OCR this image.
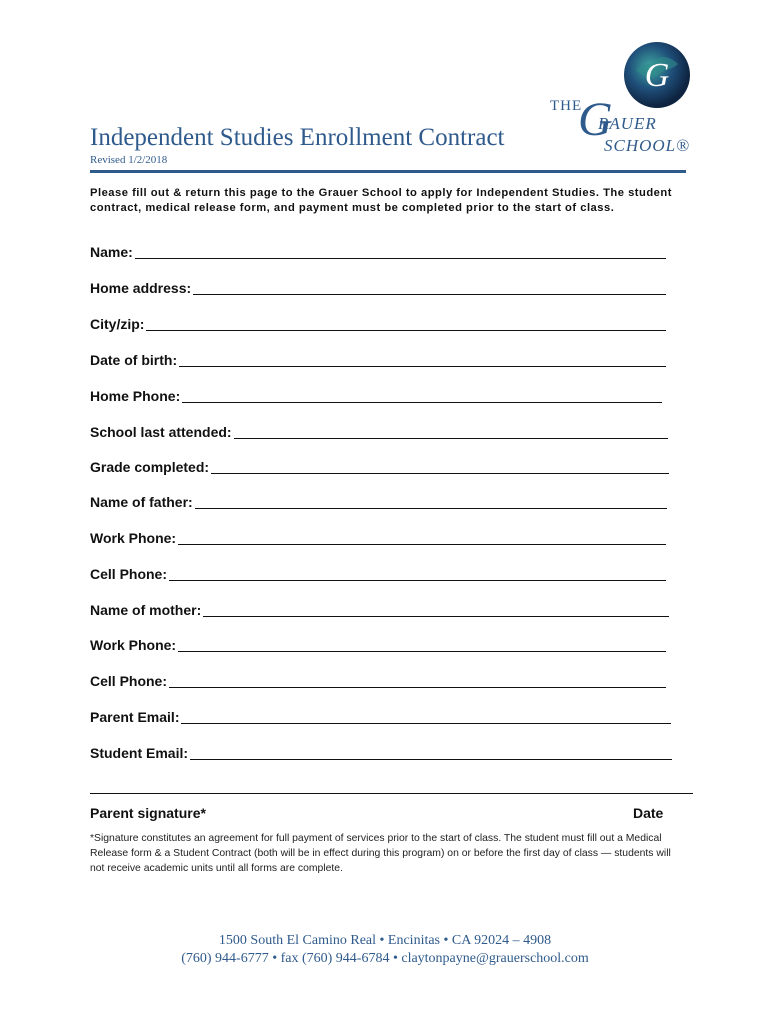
G
THE
G
RAUER
SCHOOL®
Independent Studies Enrollment Contract
Revised 1/2/2018
Please fill out & return this page to the Grauer School to apply for Independent Studies. The student contract, medical release form, and payment must be completed prior to the start of class.
Name:
Home address:
City/zip:
Date of birth:
Home Phone:
School last attended:
Grade completed:
Name of father:
Work Phone:
Cell Phone:
Name of mother:
Work Phone:
Cell Phone:
Parent Email:
Student Email:
Parent signature*	Date
*Signature constitutes an agreement for full payment of services prior to the start of class. The student must fill out a Medical Release form & a Student Contract (both will be in effect during this program) on or before the first day of class — students will not receive academic units until all forms are complete.
1500 South El Camino Real • Encinitas • CA 92024 – 4908
(760) 944-6777 • fax (760) 944-6784 • claytonpayne@grauerschool.com
